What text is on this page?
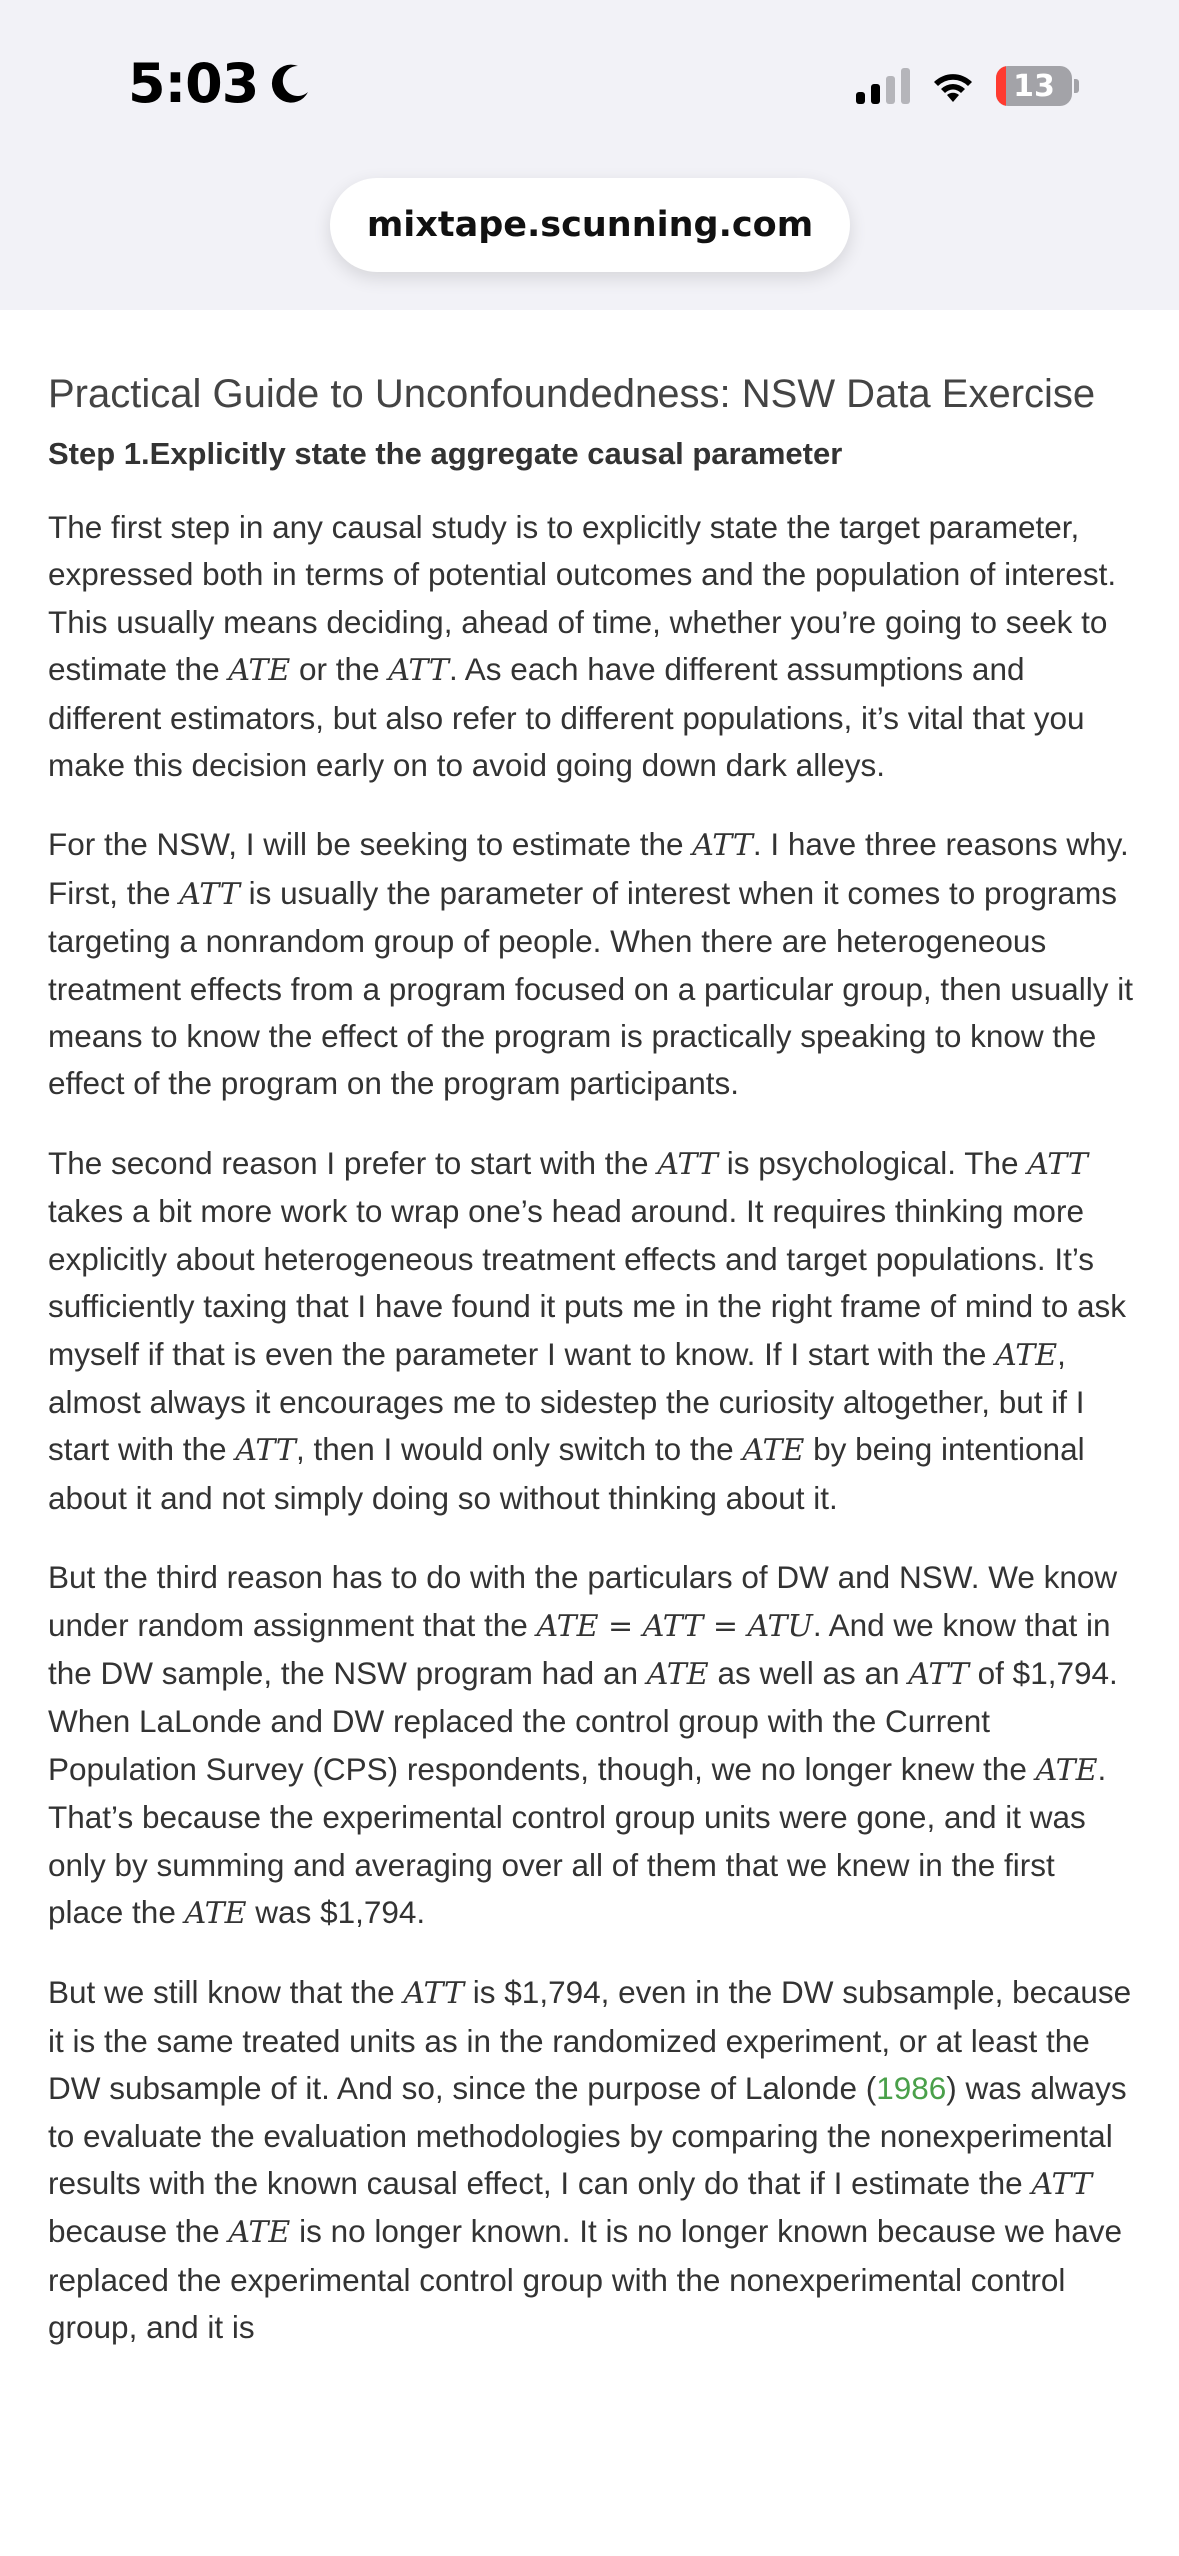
5:03	13
mixtape.scunning.com
Practical Guide to Unconfoundedness: NSW Data Exercise
Step 1.Explicitly state the aggregate causal parameter

The first step in any causal study is to explicitly state the target parameter, expressed both in terms of potential outcomes and the population of interest. This usually means deciding, ahead of time, whether you’re going to seek to estimate the ATE or the ATT. As each have different assumptions and different estimators, but also refer to different populations, it’s vital that you make this decision early on to avoid going down dark alleys.

For the NSW, I will be seeking to estimate the ATT. I have three reasons why. First, the ATT is usually the parameter of interest when it comes to programs targeting a nonrandom group of people. When there are heterogeneous treatment effects from a program focused on a particular group, then usually it means to know the effect of the program is practically speaking to know the effect of the program on the program participants.

The second reason I prefer to start with the ATT is psychological. The ATT takes a bit more work to wrap one’s head around. It requires thinking more explicitly about heterogeneous treatment effects and target populations. It’s sufficiently taxing that I have found it puts me in the right frame of mind to ask myself if that is even the parameter I want to know. If I start with the ATE, almost always it encourages me to sidestep the curiosity altogether, but if I start with the ATT, then I would only switch to the ATE by being intentional about it and not simply doing so without thinking about it.

But the third reason has to do with the particulars of DW and NSW. We know under random assignment that the ATE = ATT = ATU. And we know that in the DW sample, the NSW program had an ATE as well as an ATT of $1,794. When LaLonde and DW replaced the control group with the Current Population Survey (CPS) respondents, though, we no longer knew the ATE. That’s because the experimental control group units were gone, and it was only by summing and averaging over all of them that we knew in the first place the ATE was $1,794.

But we still know that the ATT is $1,794, even in the DW subsample, because it is the same treated units as in the randomized experiment, or at least the DW subsample of it. And so, since the purpose of Lalonde (1986) was always to evaluate the evaluation methodologies by comparing the nonexperimental results with the known causal effect, I can only do that if I estimate the ATT because the ATE is no longer known. It is no longer known because we have replaced the experimental control group with the nonexperimental control group, and it is
